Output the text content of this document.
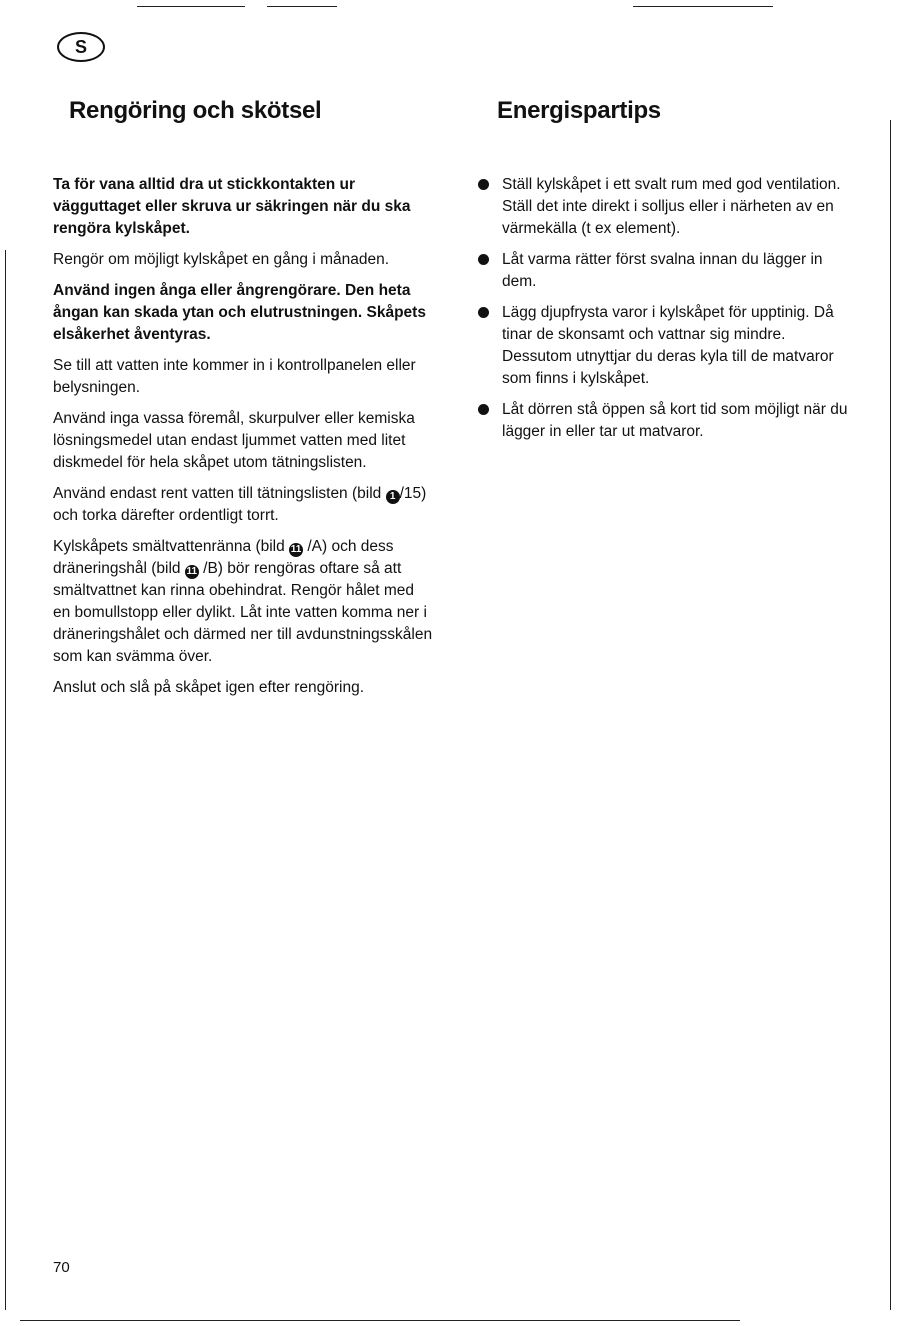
S
Rengöring och skötsel	Energispartips

Ta för vana alltid dra ut stickkontakten ur vägguttaget eller skruva ur säkringen när du ska rengöra kylskåpet.

Rengör om möjligt kylskåpet en gång i månaden.

Använd ingen ånga eller ångrengörare. Den heta ångan kan skada ytan och elutrustningen. Skåpets elsåkerhet åventyras.

Se till att vatten inte kommer in i kontrollpanelen eller belysningen.

Använd inga vassa föremål, skurpulver eller kemiska lösningsmedel utan endast ljummet vatten med litet diskmedel för hela skåpet utom tätningslisten.

Använd endast rent vatten till tätningslisten (bild 1 /15) och torka därefter ordentligt torrt.

Kylskåpets smältvattenränna (bild 11 /A) och dess dräneringshål (bild 11 /B) bör rengöras oftare så att smältvattnet kan rinna obehindrat. Rengör hålet med en bomullstopp eller dylikt. Låt inte vatten komma ner i dräneringshålet och därmed ner till avdunstningsskålen som kan svämma över.

Anslut och slå på skåpet igen efter rengöring.

Ställ kylskåpet i ett svalt rum med god ventilation. Ställ det inte direkt i solljus eller i närheten av en värmekälla (t ex element).
Låt varma rätter först svalna innan du lägger in dem.
Lägg djupfrysta varor i kylskåpet för upptinig. Då tinar de skonsamt och vattnar sig mindre. Dessutom utnyttjar du deras kyla till de matvaror som finns i kylskåpet.
Låt dörren stå öppen så kort tid som möjligt när du lägger in eller tar ut matvaror.
70
